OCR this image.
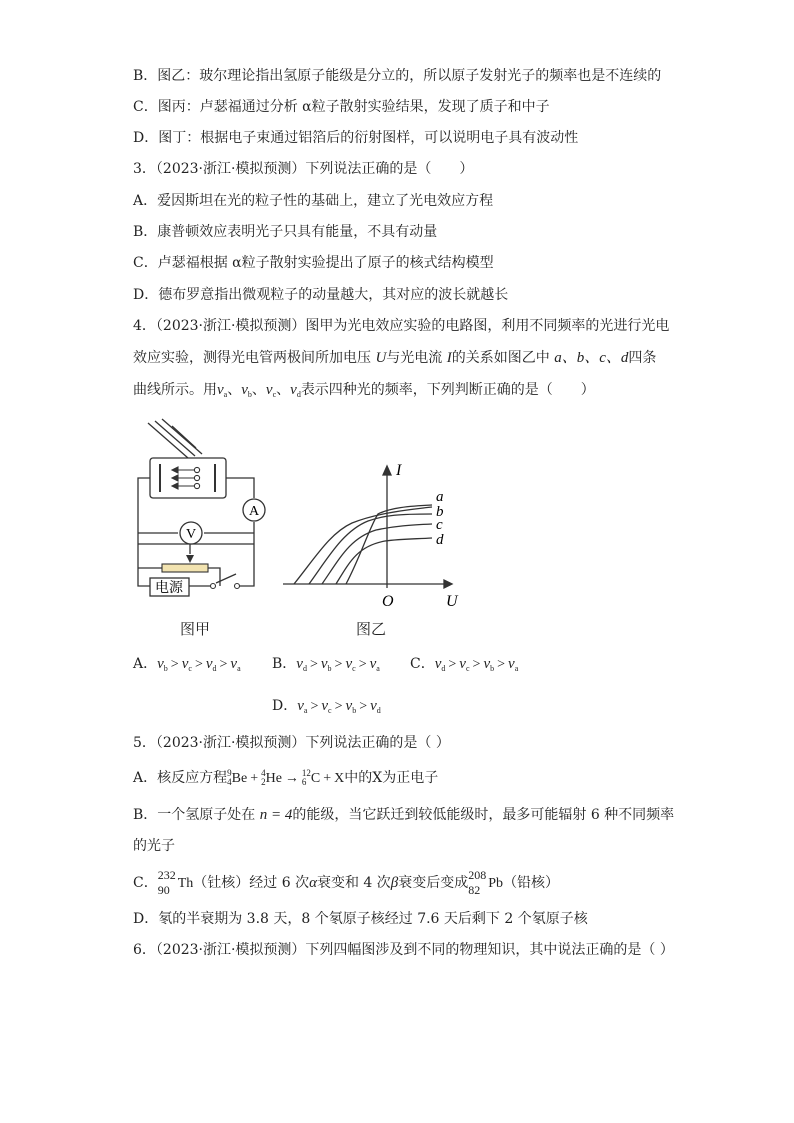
B．图乙：玻尔理论指出氢原子能级是分立的，所以原子发射光子的频率也是不连续的
C．图丙：卢瑟福通过分析 α粒子散射实验结果，发现了质子和中子
D．图丁：根据电子束通过铝箔后的衍射图样，可以说明电子具有波动性
3．（2023·浙江·模拟预测）下列说法正确的是（　　）
A．爱因斯坦在光的粒子性的基础上，建立了光电效应方程
B．康普顿效应表明光子只具有能量，不具有动量
C．卢瑟福根据 α粒子散射实验提出了原子的核式结构模型
D．德布罗意指出微观粒子的动量越大，其对应的波长就越长
4．（2023·浙江·模拟预测）图甲为光电效应实验的电路图，利用不同频率的光进行光电
效应实验，测得光电管两极间所加电压 U与光电流 I的关系如图乙中 a、b、c、d四条
曲线所示。用$\nu_a$、$\nu_b$、$\nu_c$、$\nu_d$表示四种光的频率，下列判断正确的是（　　）
A
V
电源
I
U
O
a
b
c
d
图甲	图乙
A．$\nu_b > \nu_c > \nu_d > \nu_a$ B．$\nu_d > \nu_b > \nu_c > \nu_a$ C．$\nu_d > \nu_c > \nu_b > \nu_a$
D．$\nu_a > \nu_c > \nu_b > \nu_d$
5．（2023·浙江·模拟预测）下列说法正确的是（ ）
A．核反应方程 9
4 Be + 4
2 He → 12
6 C + X中的X为正电子
B．一个氢原子处在 n = 4的能级，当它跃迁到较低能级时，最多可能辐射 6 种不同频率
的光子
C． 232
90 Th（钍核）经过 6 次α衰变和 4 次β衰变后变成 208
82 Pb（铅核）
D．氡的半衰期为 3.8 天，8 个氡原子核经过 7.6 天后剩下 2 个氡原子核
6．（2023·浙江·模拟预测）下列四幅图涉及到不同的物理知识，其中说法正确的是（ ）
